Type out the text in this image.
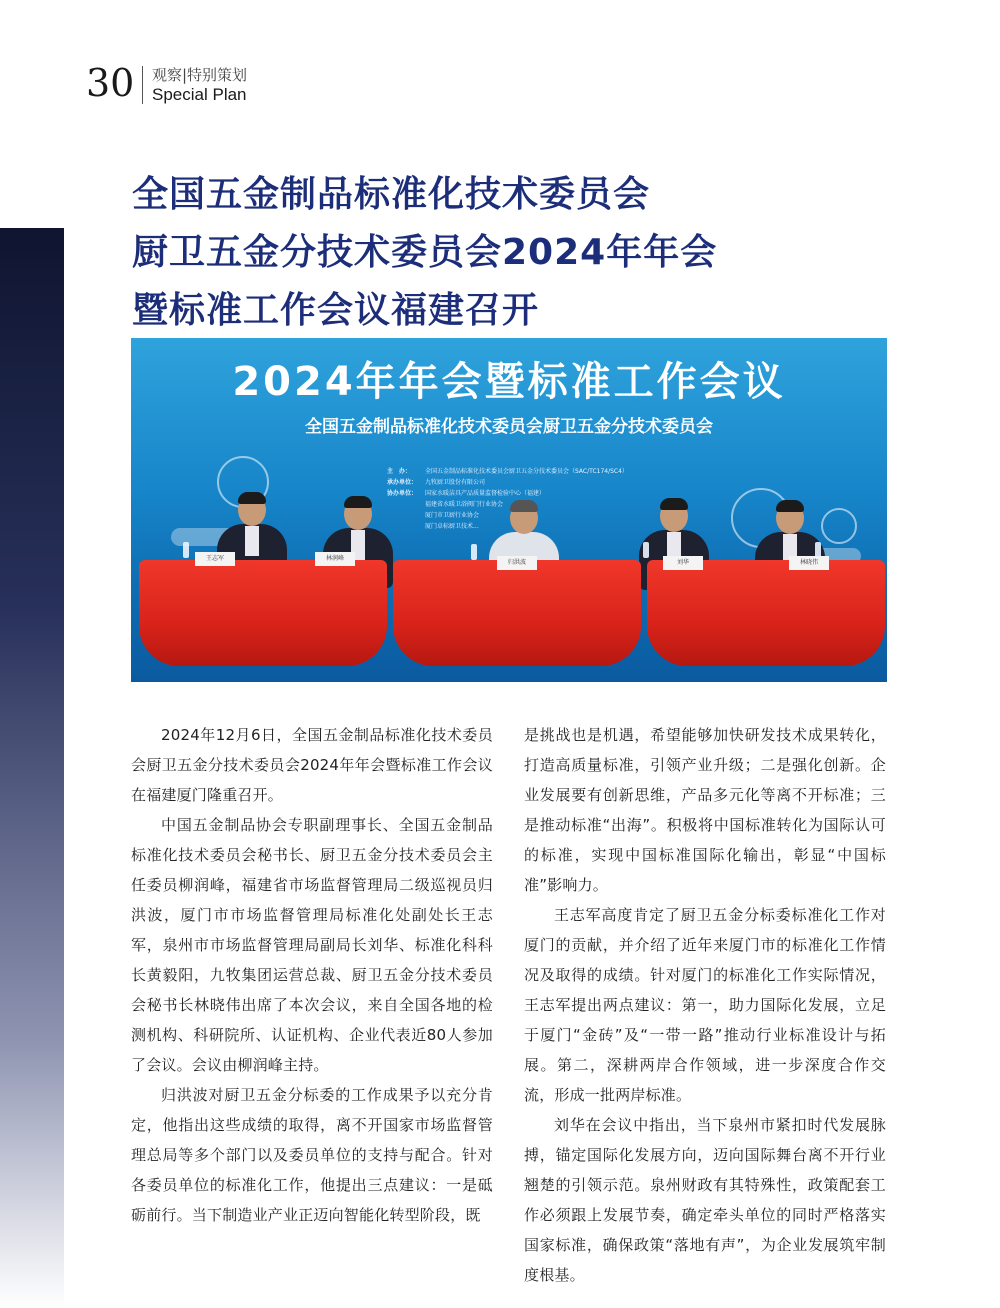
30 观察|特别策划
Special Plan
全国五金制品标准化技术委员会
厨卫五金分技术委员会2024年年会
暨标准工作会议福建召开
2024年年会暨标准工作会议
全国五金制品标准化技术委员会厨卫五金分技术委员会
主　办： 全国五金制品标准化技术委员会厨卫五金分技术委员会（SAC/TC174/SC4）
承办单位： 九牧厨卫股份有限公司
协办单位： 国家水暖洁具产品质量监督检验中心（福建）
福建省水暖卫浴阀门行业协会
厦门市卫厨行业协会
厦门卓标厨卫技术...
王志军	林润峰
归洪波	刘华	林晓伟

2024年12月6日，全国五金制品标准化技术委员会厨卫五金分技术委员会2024年年会暨标准工作会议在福建厦门隆重召开。

中国五金制品协会专职副理事长、全国五金制品标准化技术委员会秘书长、厨卫五金分技术委员会主任委员柳润峰，福建省市场监督管理局二级巡视员归洪波，厦门市市场监督管理局标准化处副处长王志军，泉州市市场监督管理局副局长刘华、标准化科科长黄毅阳，九牧集团运营总裁、厨卫五金分技术委员会秘书长林晓伟出席了本次会议，来自全国各地的检测机构、科研院所、认证机构、企业代表近80人参加了会议。会议由柳润峰主持。

归洪波对厨卫五金分标委的工作成果予以充分肯定，他指出这些成绩的取得，离不开国家市场监督管理总局等多个部门以及委员单位的支持与配合。针对各委员单位的标准化工作，他提出三点建议：一是砥砺前行。当下制造业产业正迈向智能化转型阶段，既

是挑战也是机遇，希望能够加快研发技术成果转化，打造高质量标准，引领产业升级；二是强化创新。企业发展要有创新思维，产品多元化等离不开标准；三是推动标准“出海”。积极将中国标准转化为国际认可的标准，实现中国标准国际化输出，彰显“中国标准”影响力。

王志军高度肯定了厨卫五金分标委标准化工作对厦门的贡献，并介绍了近年来厦门市的标准化工作情况及取得的成绩。针对厦门的标准化工作实际情况，王志军提出两点建议：第一，助力国际化发展，立足于厦门“金砖”及“一带一路”推动行业标准设计与拓展。第二，深耕两岸合作领域，进一步深度合作交流，形成一批两岸标准。

刘华在会议中指出，当下泉州市紧扣时代发展脉搏，锚定国际化发展方向，迈向国际舞台离不开行业翘楚的引领示范。泉州财政有其特殊性，政策配套工作必须跟上发展节奏，确定牵头单位的同时严格落实国家标准，确保政策“落地有声”，为企业发展筑牢制度根基。
